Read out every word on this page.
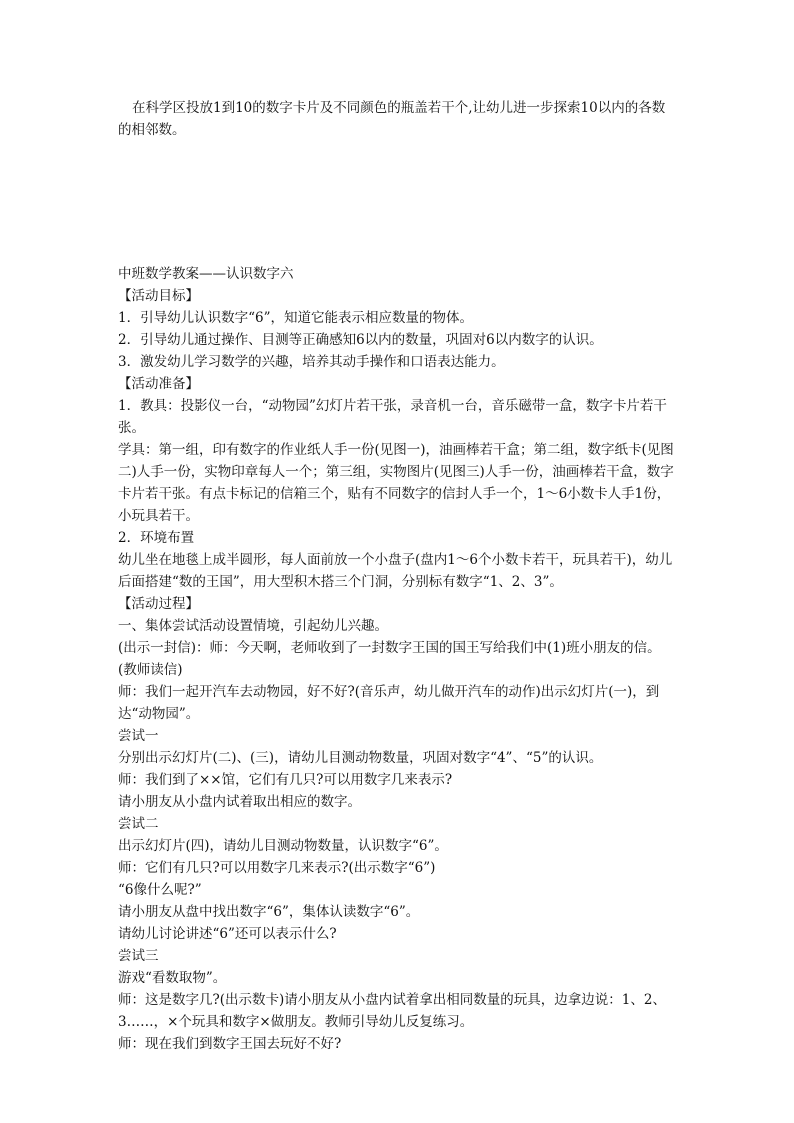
在科学区投放1到10的数字卡片及不同颜色的瓶盖若干个,让幼儿进一步探索10以内的各数的相邻数。

中班数学教案——认识数字六

【活动目标】

1．引导幼儿认识数字“6”，知道它能表示相应数量的物体。

2．引导幼儿通过操作、目测等正确感知6以内的数量，巩固对6以内数字的认识。

3．激发幼儿学习数学的兴趣，培养其动手操作和口语表达能力。

【活动准备】

1．教具：投影仪一台，“动物园”幻灯片若干张，录音机一台，音乐磁带一盒，数字卡片若干张。

学具：第一组，印有数字的作业纸人手一份(见图一)，油画棒若干盒；第二组，数字纸卡(见图二)人手一份，实物印章每人一个；第三组，实物图片(见图三)人手一份，油画棒若干盒，数字卡片若干张。有点卡标记的信箱三个，贴有不同数字的信封人手一个，1～6小数卡人手1份，小玩具若干。

2．环境布置

幼儿坐在地毯上成半圆形，每人面前放一个小盘子(盘内1～6个小数卡若干，玩具若干)，幼儿后面搭建“数的王国”，用大型积木搭三个门洞，分别标有数字“1、2、3”。

【活动过程】

一、集体尝试活动设置情境，引起幼儿兴趣。

(出示一封信)：师：今天啊，老师收到了一封数字王国的国王写给我们中(1)班小朋友的信。(教师读信)

师：我们一起开汽车去动物园，好不好?(音乐声，幼儿做开汽车的动作)出示幻灯片(一)，到达“动物园”。

尝试一

分别出示幻灯片(二)、(三)，请幼儿目测动物数量，巩固对数字“4”、“5”的认识。

师：我们到了××馆，它们有几只?可以用数字几来表示?

请小朋友从小盘内试着取出相应的数字。

尝试二

出示幻灯片(四)，请幼儿目测动物数量，认识数字“6”。

师：它们有几只?可以用数字几来表示?(出示数字“6”)

“6像什么呢?”

请小朋友从盘中找出数字“6”，集体认读数字“6”。

请幼儿讨论讲述“6”还可以表示什么?

尝试三

游戏“看数取物”。

师：这是数字几?(出示数卡)请小朋友从小盘内试着拿出相同数量的玩具，边拿边说：1、2、3……，×个玩具和数字×做朋友。教师引导幼儿反复练习。

师：现在我们到数字王国去玩好不好?
